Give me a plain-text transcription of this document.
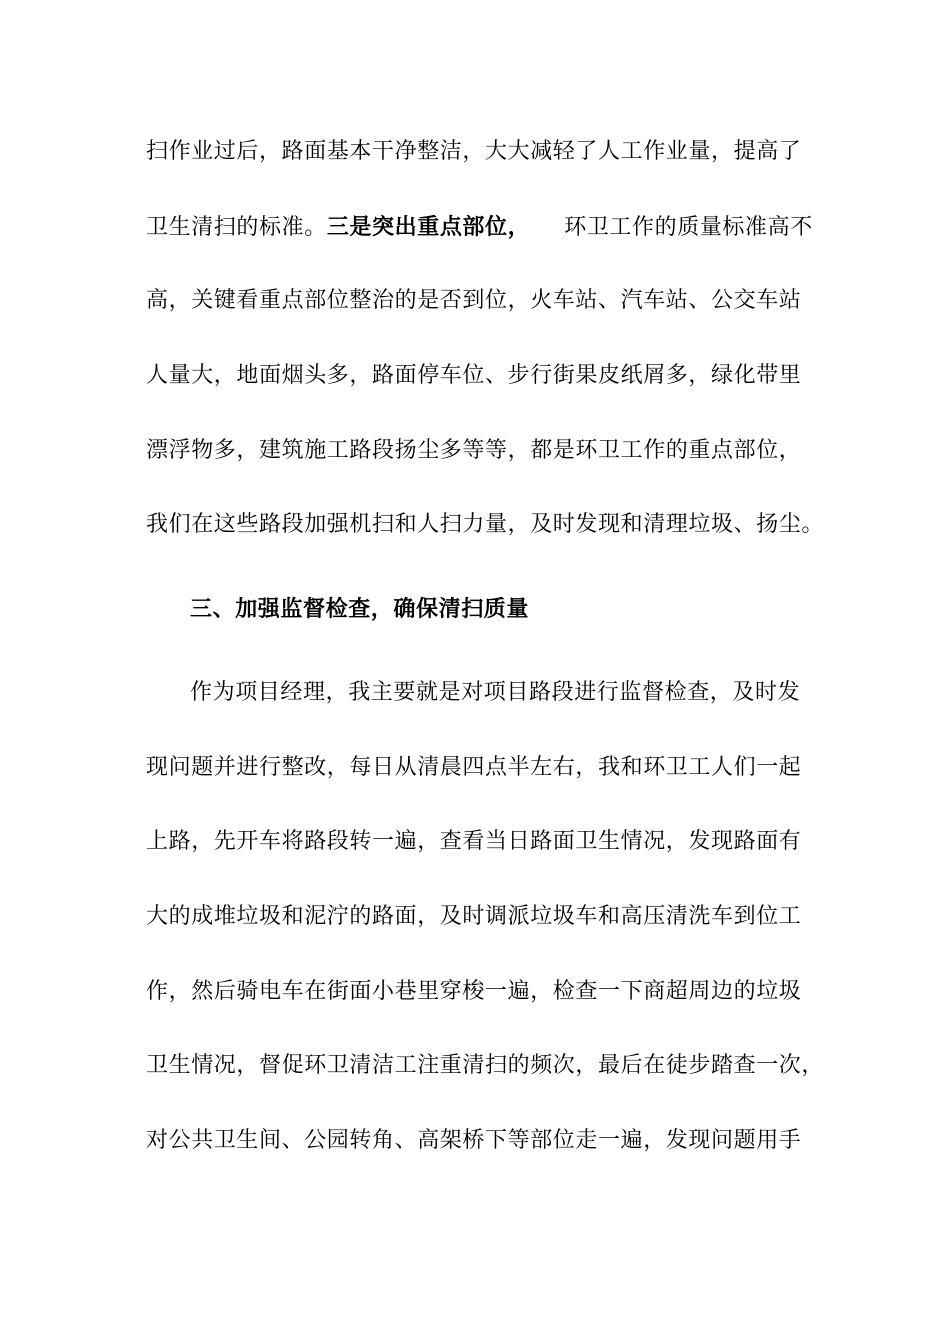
扫作业过后，路面基本干净整洁，大大减轻了人工作业量，提高了
卫生清扫的标准。三是突出重点部位， 环卫工作的质量标准高不
高，关键看重点部位整治的是否到位，火车站、汽车站、公交车站
人量大，地面烟头多，路面停车位、步行街果皮纸屑多，绿化带里
漂浮物多，建筑施工路段扬尘多等等，都是环卫工作的重点部位，
我们在这些路段加强机扫和人扫力量，及时发现和清理垃圾、扬尘。
三、加强监督检查，确保清扫质量
作为项目经理，我主要就是对项目路段进行监督检查，及时发
现问题并进行整改，每日从清晨四点半左右，我和环卫工人们一起
上路，先开车将路段转一遍，查看当日路面卫生情况，发现路面有
大的成堆垃圾和泥泞的路面，及时调派垃圾车和高压清洗车到位工
作，然后骑电车在街面小巷里穿梭一遍，检查一下商超周边的垃圾
卫生情况，督促环卫清洁工注重清扫的频次，最后在徒步踏查一次，
对公共卫生间、公园转角、高架桥下等部位走一遍，发现问题用手
